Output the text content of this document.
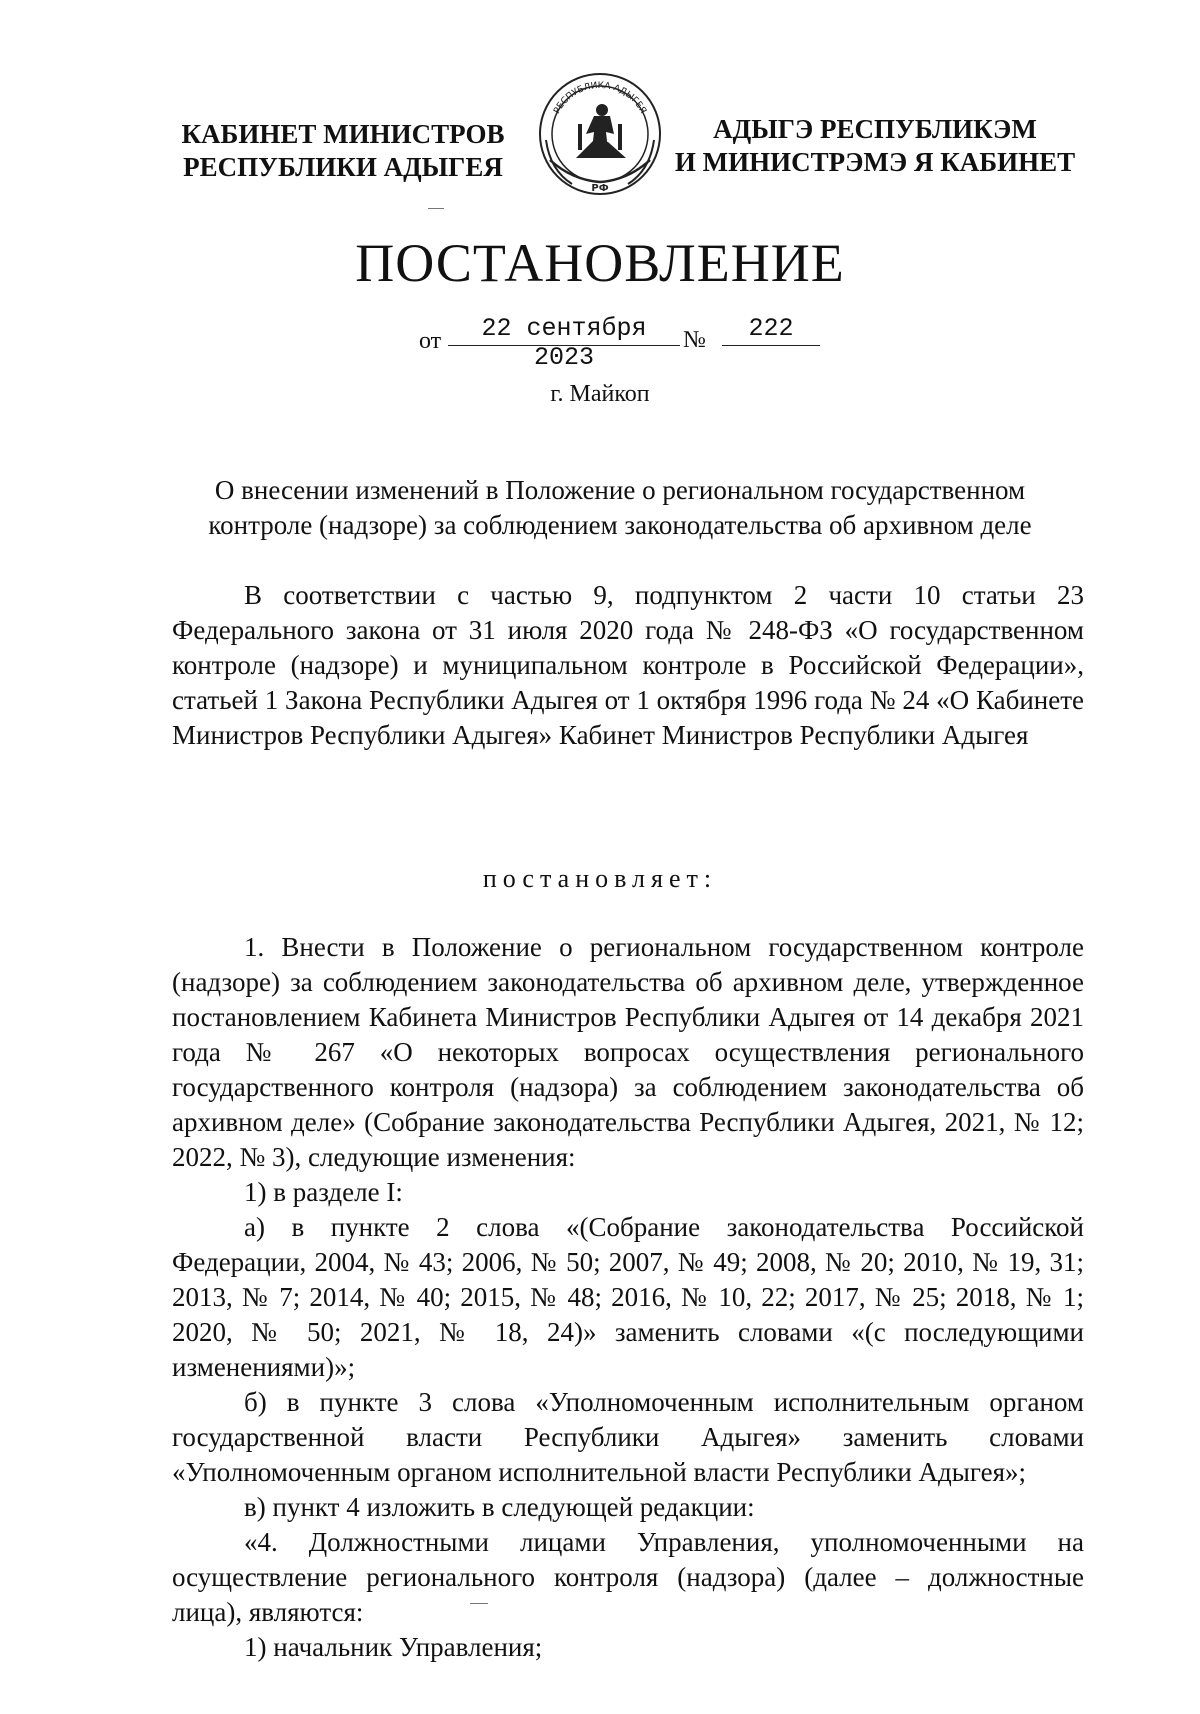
КАБИНЕТ МИНИСТРОВ
РЕСПУБЛИКИ АДЫГЕЯ
РЕСПУБЛИКА АДЫГЕЯ
РФ
АДЫГЭ РЕСПУБЛИКЭМ
И МИНИСТРЭМЭ Я КАБИНЕТ
ПОСТАНОВЛЕНИЕ
от	22 сентября 2023
№	222
г. Майкоп
О внесении изменений в Положение о региональном государственном
контроле (надзоре) за соблюдением законодательства об архивном деле

В соответствии с частью 9, подпунктом 2 части 10 статьи 23 Федерального закона от 31 июля 2020 года № 248-ФЗ «О государственном контроле (надзоре) и муниципальном контроле в Российской Федерации», статьей 1 Закона Республики Адыгея от 1 октября 1996 года № 24 «О Кабинете Министров Республики Адыгея» Кабинет Министров Республики Адыгея

постановляет:

1. Внести в Положение о региональном государственном контроле (надзоре) за соблюдением законодательства об архивном деле, утвержденное постановлением Кабинета Министров Республики Адыгея от 14 декабря 2021 года № 267 «О некоторых вопросах осуществления регионального государственного контроля (надзора) за соблюдением законодательства об архивном деле» (Собрание законодательства Республики Адыгея, 2021, № 12; 2022, № 3), следующие изменения:

1) в разделе I:

а) в пункте 2 слова «(Собрание законодательства Российской Федерации, 2004, № 43; 2006, № 50; 2007, № 49; 2008, № 20; 2010, № 19, 31; 2013, № 7; 2014, № 40; 2015, № 48; 2016, № 10, 22; 2017, № 25; 2018, № 1; 2020, № 50; 2021, № 18, 24)» заменить словами «(с последующими изменениями)»;

б) в пункте 3 слова «Уполномоченным исполнительным органом государственной власти Республики Адыгея» заменить словами «Уполномоченным органом исполнительной власти Республики Адыгея»;

в) пункт 4 изложить в следующей редакции:

«4. Должностными лицами Управления, уполномоченными на осуществление регионального контроля (надзора) (далее – должностные лица), являются:

1) начальник Управления;
